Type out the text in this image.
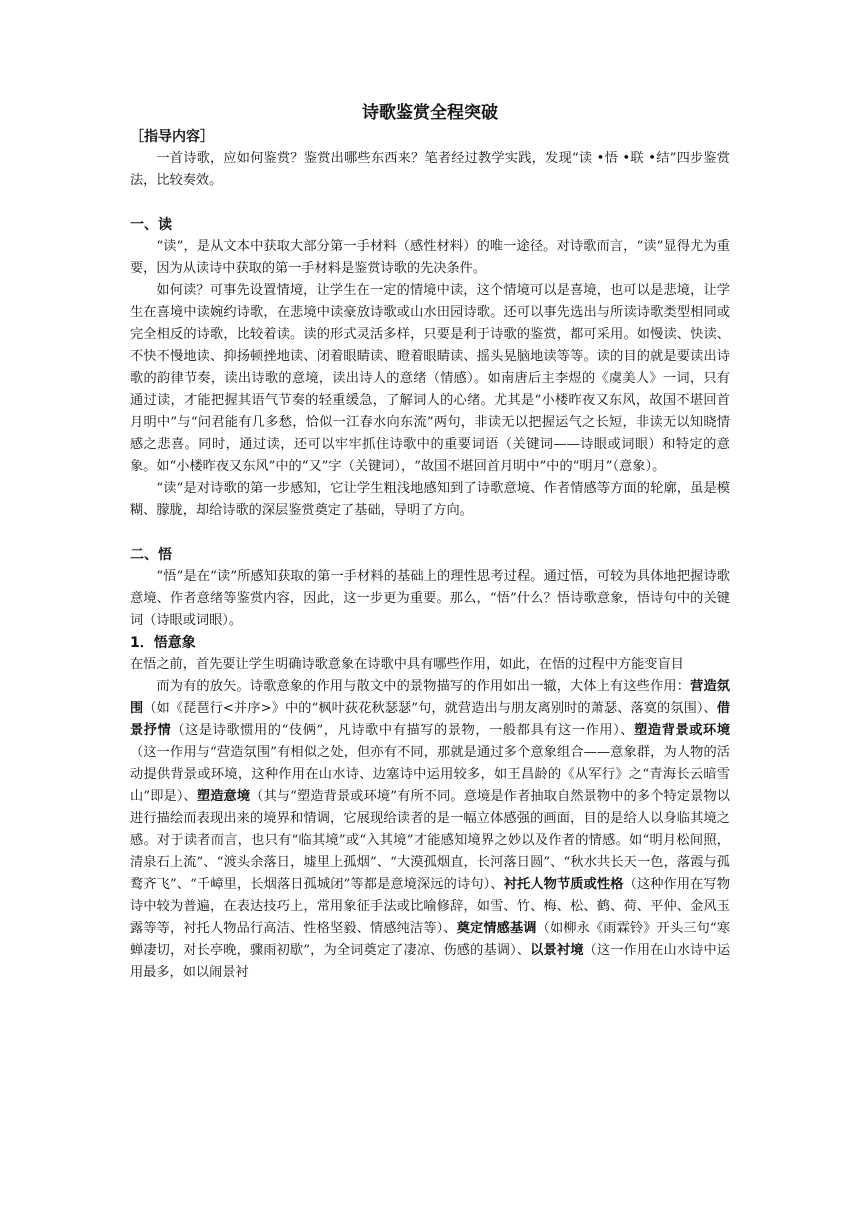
诗歌鉴赏全程突破
［指导内容］

一首诗歌，应如何鉴赏？鉴赏出哪些东西来？笔者经过教学实践，发现“读 •悟 •联 •结”四步鉴赏法，比较奏效。

一、读

“读”，是从文本中获取大部分第一手材料（感性材料）的唯一途径。对诗歌而言，“读”显得尤为重要，因为从读诗中获取的第一手材料是鉴赏诗歌的先决条件。

如何读？可事先设置情境，让学生在一定的情境中读，这个情境可以是喜境，也可以是悲境，让学生在喜境中读婉约诗歌，在悲境中读豪放诗歌或山水田园诗歌。还可以事先选出与所读诗歌类型相同或完全相反的诗歌，比较着读。读的形式灵活多样，只要是利于诗歌的鉴赏，都可采用。如慢读、快读、不快不慢地读、抑扬顿挫地读、闭着眼睛读、瞪着眼睛读、摇头晃脑地读等等。读的目的就是要读出诗歌的韵律节奏，读出诗歌的意境，读出诗人的意绪（情感）。如南唐后主李煜的《虞美人》一词，只有通过读，才能把握其语气节奏的轻重缓急，了解词人的心绪。尤其是“小楼昨夜又东风，故国不堪回首月明中”与“问君能有几多愁，恰似一江春水向东流”两句，非读无以把握运气之长短，非读无以知晓情感之悲喜。同时，通过读，还可以牢牢抓住诗歌中的重要词语（关键词——诗眼或词眼）和特定的意象。如“小楼昨夜又东风”中的“又”字（关键词），“故国不堪回首月明中”中的“明月”（意象）。

“读”是对诗歌的第一步感知，它让学生粗浅地感知到了诗歌意境、作者情感等方面的轮廓，虽是模糊、朦胧，却给诗歌的深层鉴赏奠定了基础，导明了方向。

二、悟

“悟”是在“读”所感知获取的第一手材料的基础上的理性思考过程。通过悟，可较为具体地把握诗歌意境、作者意绪等鉴赏内容，因此，这一步更为重要。那么，“悟”什么？悟诗歌意象，悟诗句中的关键词（诗眼或词眼）。

1．悟意象

在悟之前，首先要让学生明确诗歌意象在诗歌中具有哪些作用，如此，在悟的过程中方能变盲目

而为有的放矢。诗歌意象的作用与散文中的景物描写的作用如出一辙，大体上有这些作用：营造氛围（如《琵琶行<并序>》中的“枫叶荻花秋瑟瑟”句，就营造出与朋友离别时的萧瑟、落寞的氛围）、借景抒情（这是诗歌惯用的“伎俩”，凡诗歌中有描写的景物，一般都具有这一作用）、塑造背景或环境（这一作用与“营造氛围”有相似之处，但亦有不同，那就是通过多个意象组合——意象群，为人物的活动提供背景或环境，这种作用在山水诗、边塞诗中运用较多，如王昌龄的《从军行》之“青海长云暗雪山”即是）、塑造意境（其与“塑造背景或环境”有所不同。意境是作者抽取自然景物中的多个特定景物以进行描绘而表现出来的境界和情调，它展现给读者的是一幅立体感强的画面，目的是给人以身临其境之感。对于读者而言，也只有“临其境”或“入其境”才能感知境界之妙以及作者的情感。如“明月松间照，清泉石上流”、“渡头余落日，墟里上孤烟”、“大漠孤烟直，长河落日圆”、“秋水共长天一色，落霞与孤鹜齐飞”、“千嶂里，长烟落日孤城闭”等都是意境深远的诗句）、衬托人物节质或性格（这种作用在写物诗中较为普遍，在表达技巧上，常用象征手法或比喻修辞，如雪、竹、梅、松、鹤、荷、平仲、金风玉露等等，衬托人物品行高洁、性格坚毅、情感纯洁等）、奠定情感基调（如柳永《雨霖铃》开头三句“寒蝉凄切，对长亭晚，骤雨初歇”，为全词奠定了凄凉、伤感的基调）、以景衬境（这一作用在山水诗中运用最多，如以闹景衬
